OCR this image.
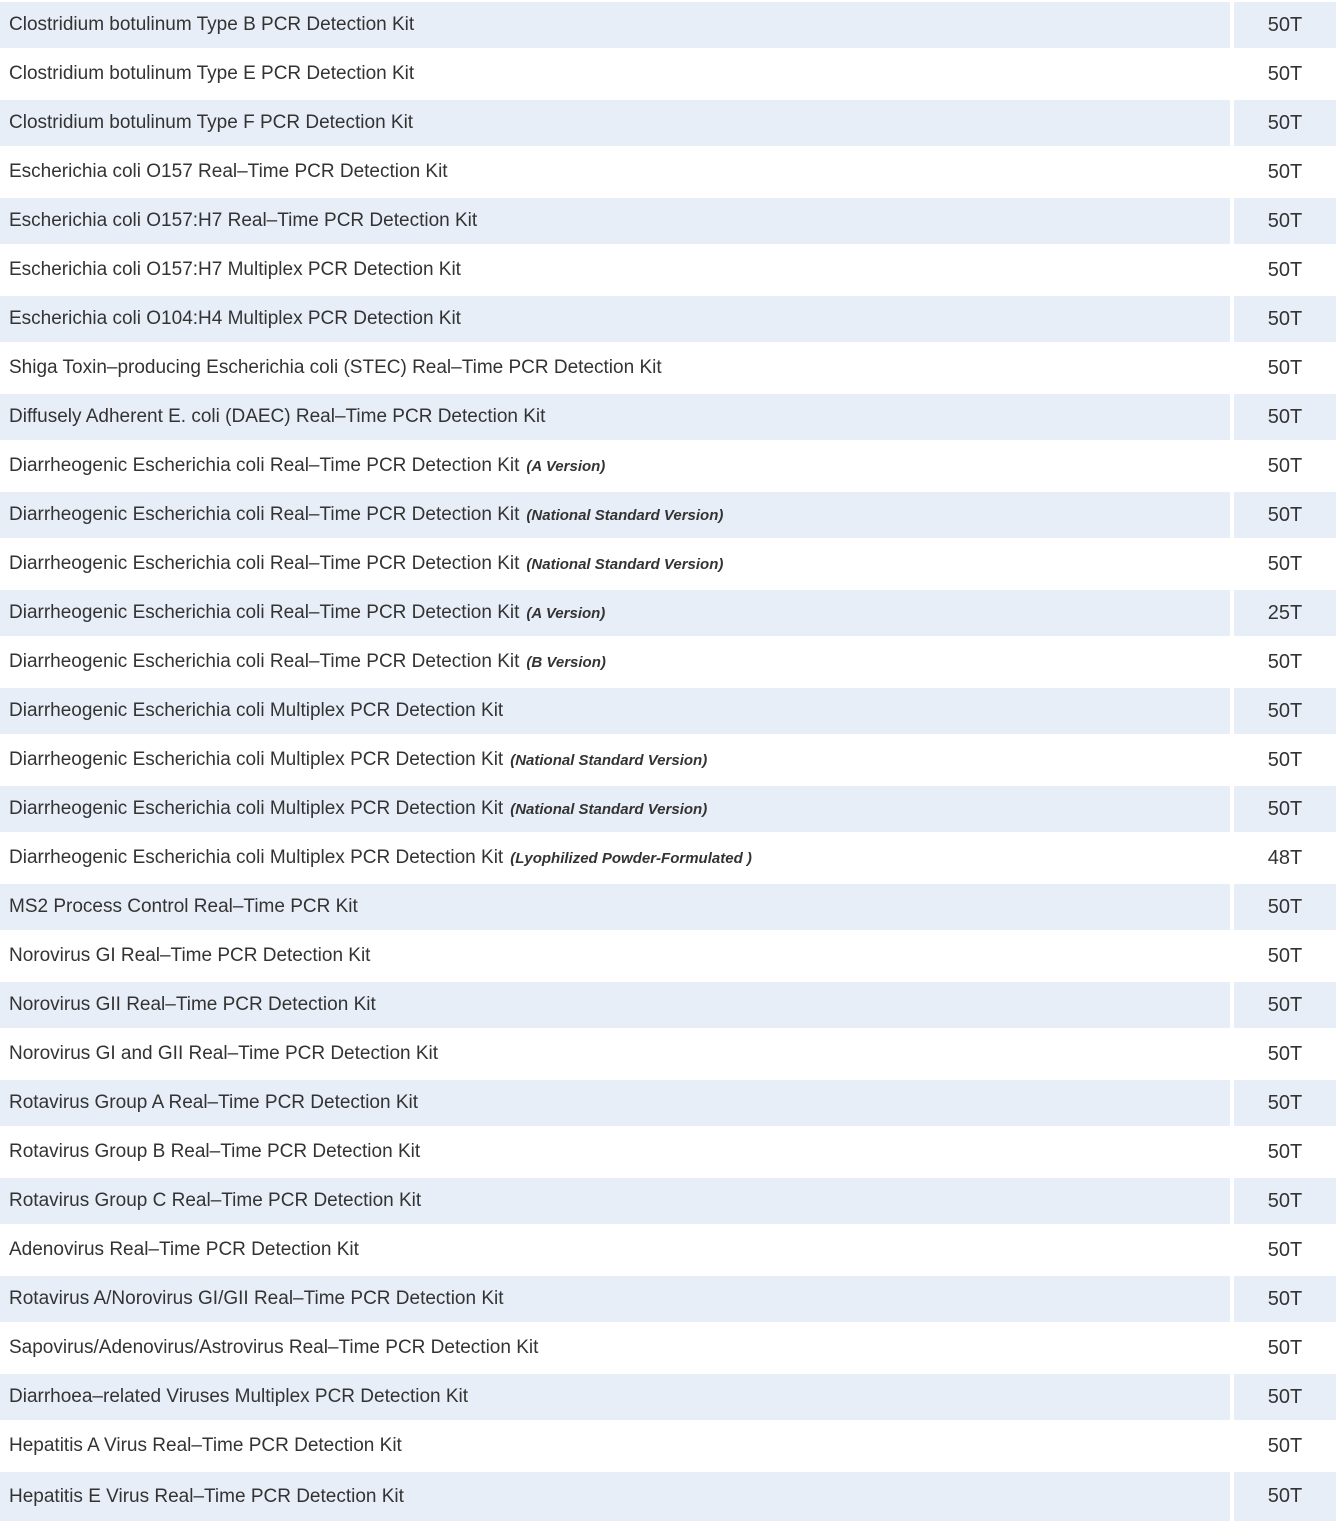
Clostridium botulinum Type B PCR Detection Kit	50T
Clostridium botulinum Type E PCR Detection Kit	50T
Clostridium botulinum Type F PCR Detection Kit	50T
Escherichia coli O157 Real–Time PCR Detection Kit	50T
Escherichia coli O157:H7 Real–Time PCR Detection Kit	50T
Escherichia coli O157:H7 Multiplex PCR Detection Kit	50T
Escherichia coli O104:H4 Multiplex PCR Detection Kit	50T
Shiga Toxin–producing Escherichia coli (STEC) Real–Time PCR Detection Kit	50T
Diffusely Adherent E. coli (DAEC) Real–Time PCR Detection Kit	50T
Diarrheogenic Escherichia coli Real–Time PCR Detection Kit (A Version)	50T
Diarrheogenic Escherichia coli Real–Time PCR Detection Kit (National Standard Version)	50T
Diarrheogenic Escherichia coli Real–Time PCR Detection Kit (National Standard Version)	50T
Diarrheogenic Escherichia coli Real–Time PCR Detection Kit (A Version)	25T
Diarrheogenic Escherichia coli Real–Time PCR Detection Kit (B Version)	50T
Diarrheogenic Escherichia coli Multiplex PCR Detection Kit	50T
Diarrheogenic Escherichia coli Multiplex PCR Detection Kit (National Standard Version)	50T
Diarrheogenic Escherichia coli Multiplex PCR Detection Kit (National Standard Version)	50T
Diarrheogenic Escherichia coli Multiplex PCR Detection Kit (Lyophilized Powder-Formulated )	48T
MS2 Process Control Real–Time PCR Kit	50T
Norovirus GI Real–Time PCR Detection Kit	50T
Norovirus GII Real–Time PCR Detection Kit	50T
Norovirus GI and GII Real–Time PCR Detection Kit	50T
Rotavirus Group A Real–Time PCR Detection Kit	50T
Rotavirus Group B Real–Time PCR Detection Kit	50T
Rotavirus Group C Real–Time PCR Detection Kit	50T
Adenovirus Real–Time PCR Detection Kit	50T
Rotavirus A/Norovirus GI/GII Real–Time PCR Detection Kit	50T
Sapovirus/Adenovirus/Astrovirus Real–Time PCR Detection Kit	50T
Diarrhoea–related Viruses Multiplex PCR Detection Kit	50T
Hepatitis A Virus Real–Time PCR Detection Kit	50T
Hepatitis E Virus Real–Time PCR Detection Kit	50T
